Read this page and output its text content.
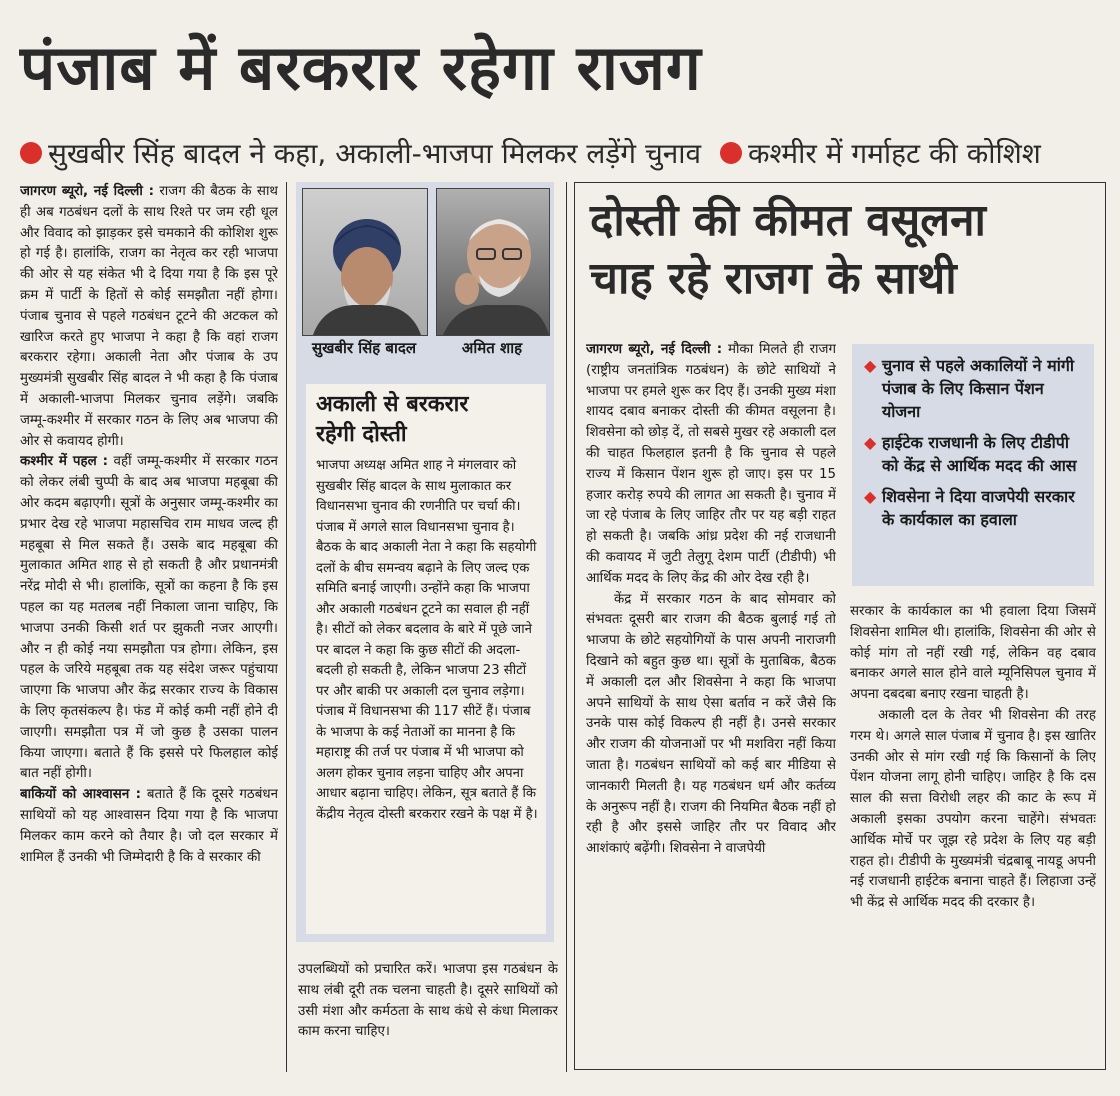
पंजाब में बरकरार रहेगा राजग
सुखबीर सिंह बादल ने कहा, अकाली-भाजपा मिलकर लड़ेंगे चुनाव कश्मीर में गर्माहट की कोशिश

जागरण ब्यूरो, नई दिल्ली : राजग की बैठक के साथ ही अब गठबंधन दलों के साथ रिश्ते पर जम रही धूल और विवाद को झाड़कर इसे चमकाने की कोशिश शुरू हो गई है। हालांकि, राजग का नेतृत्व कर रही भाजपा की ओर से यह संकेत भी दे दिया गया है कि इस पूरे क्रम में पार्टी के हितों से कोई समझौता नहीं होगा। पंजाब चुनाव से पहले गठबंधन टूटने की अटकल को खारिज करते हुए भाजपा ने कहा है कि वहां राजग बरकरार रहेगा। अकाली नेता और पंजाब के उप मुख्यमंत्री सुखबीर सिंह बादल ने भी कहा है कि पंजाब में अकाली-भाजपा मिलकर चुनाव लड़ेंगे। जबकि जम्मू-कश्मीर में सरकार गठन के लिए अब भाजपा की ओर से कवायद होगी।

कश्मीर में पहल : वहीं जम्मू-कश्मीर में सरकार गठन को लेकर लंबी चुप्पी के बाद अब भाजपा महबूबा की ओर कदम बढ़ाएगी। सूत्रों के अनुसार जम्मू-कश्मीर का प्रभार देख रहे भाजपा महासचिव राम माधव जल्द ही महबूबा से मिल सकते हैं। उसके बाद महबूबा की मुलाकात अमित शाह से हो सकती है और प्रधानमंत्री नरेंद्र मोदी से भी। हालांकि, सूत्रों का कहना है कि इस पहल का यह मतलब नहीं निकाला जाना चाहिए, कि भाजपा उनकी किसी शर्त पर झुकती नजर आएगी। और न ही कोई नया समझौता पत्र होगा। लेकिन, इस पहल के जरिये महबूबा तक यह संदेश जरूर पहुंचाया जाएगा कि भाजपा और केंद्र सरकार राज्य के विकास के लिए कृतसंकल्प है। फंड में कोई कमी नहीं होने दी जाएगी। समझौता पत्र में जो कुछ है उसका पालन किया जाएगा। बताते हैं कि इससे परे फिलहाल कोई बात नहीं होगी।

बाकियों को आश्वासन : बताते हैं कि दूसरे गठबंधन साथियों को यह आश्वासन दिया गया है कि भाजपा मिलकर काम करने को तैयार है। जो दल सरकार में शामिल हैं उनकी भी जिम्मेदारी है कि वे सरकार की

सुखबीर सिंह बादल	अमित शाह
अकाली से बरकरार
रहेगी दोस्ती
भाजपा अध्यक्ष अमित शाह ने मंगलवार को सुखबीर सिंह बादल के साथ मुलाकात कर विधानसभा चुनाव की रणनीति पर चर्चा की। पंजाब में अगले साल विधानसभा चुनाव है। बैठक के बाद अकाली नेता ने कहा कि सहयोगी दलों के बीच समन्वय बढ़ाने के लिए जल्द एक समिति बनाई जाएगी। उन्होंने कहा कि भाजपा और अकाली गठबंधन टूटने का सवाल ही नहीं है। सीटों को लेकर बदलाव के बारे में पूछे जाने पर बादल ने कहा कि कुछ सीटों की अदला-बदली हो सकती है, लेकिन भाजपा 23 सीटों पर और बाकी पर अकाली दल चुनाव लड़ेगा। पंजाब में विधानसभा की 117 सीटें हैं। पंजाब के भाजपा के कई नेताओं का मानना है कि महाराष्ट्र की तर्ज पर पंजाब में भी भाजपा को अलग होकर चुनाव लड़ना चाहिए और अपना आधार बढ़ाना चाहिए। लेकिन, सूत्र बताते हैं कि केंद्रीय नेतृत्व दोस्ती बरकरार रखने के पक्ष में है।
उपलब्धियों को प्रचारित करें। भाजपा इस गठबंधन के साथ लंबी दूरी तक चलना चाहती है। दूसरे साथियों को उसी मंशा और कर्मठता के साथ कंधे से कंधा मिलाकर काम करना चाहिए।
दोस्ती की कीमत वसूलना
चाह रहे राजग के साथी

जागरण ब्यूरो, नई दिल्ली : मौका मिलते ही राजग (राष्ट्रीय जनतांत्रिक गठबंधन) के छोटे साथियों ने भाजपा पर हमले शुरू कर दिए हैं। उनकी मुख्य मंशा शायद दबाव बनाकर दोस्ती की कीमत वसूलना है। शिवसेना को छोड़ दें, तो सबसे मुखर रहे अकाली दल की चाहत फिलहाल इतनी है कि चुनाव से पहले राज्य में किसान पेंशन शुरू हो जाए। इस पर 15 हजार करोड़ रुपये की लागत आ सकती है। चुनाव में जा रहे पंजाब के लिए जाहिर तौर पर यह बड़ी राहत हो सकती है। जबकि आंध्र प्रदेश की नई राजधानी की कवायद में जुटी तेलुगू देशम पार्टी (टीडीपी) भी आर्थिक मदद के लिए केंद्र की ओर देख रही है।

केंद्र में सरकार गठन के बाद सोमवार को संभवतः दूसरी बार राजग की बैठक बुलाई गई तो भाजपा के छोटे सहयोगियों के पास अपनी नाराजगी दिखाने को बहुत कुछ था। सूत्रों के मुताबिक, बैठक में अकाली दल और शिवसेना ने कहा कि भाजपा अपने साथियों के साथ ऐसा बर्ताव न करें जैसे कि उनके पास कोई विकल्प ही नहीं है। उनसे सरकार और राजग की योजनाओं पर भी मशविरा नहीं किया जाता है। गठबंधन साथियों को कई बार मीडिया से जानकारी मिलती है। यह गठबंधन धर्म और कर्तव्य के अनुरूप नहीं है। राजग की नियमित बैठक नहीं हो रही है और इससे जाहिर तौर पर विवाद और आशंकाएं बढ़ेंगी। शिवसेना ने वाजपेयी

◆ चुनाव से पहले अकालियों ने मांगी पंजाब के लिए किसान पेंशन योजना
◆ हाईटेक राजधानी के लिए टीडीपी को केंद्र से आर्थिक मदद की आस
◆ शिवसेना ने दिया वाजपेयी सरकार के कार्यकाल का हवाला

सरकार के कार्यकाल का भी हवाला दिया जिसमें शिवसेना शामिल थी। हालांकि, शिवसेना की ओर से कोई मांग तो नहीं रखी गई, लेकिन वह दबाव बनाकर अगले साल होने वाले म्यूनिसिपल चुनाव में अपना दबदबा बनाए रखना चाहती है।

अकाली दल के तेवर भी शिवसेना की तरह गरम थे। अगले साल पंजाब में चुनाव है। इस खातिर उनकी ओर से मांग रखी गई कि किसानों के लिए पेंशन योजना लागू होनी चाहिए। जाहिर है कि दस साल की सत्ता विरोधी लहर की काट के रूप में अकाली इसका उपयोग करना चाहेंगे। संभवतः आर्थिक मोर्चे पर जूझ रहे प्रदेश के लिए यह बड़ी राहत हो। टीडीपी के मुख्यमंत्री चंद्रबाबू नायडू अपनी नई राजधानी हाईटेक बनाना चाहते हैं। लिहाजा उन्हें भी केंद्र से आर्थिक मदद की दरकार है।
